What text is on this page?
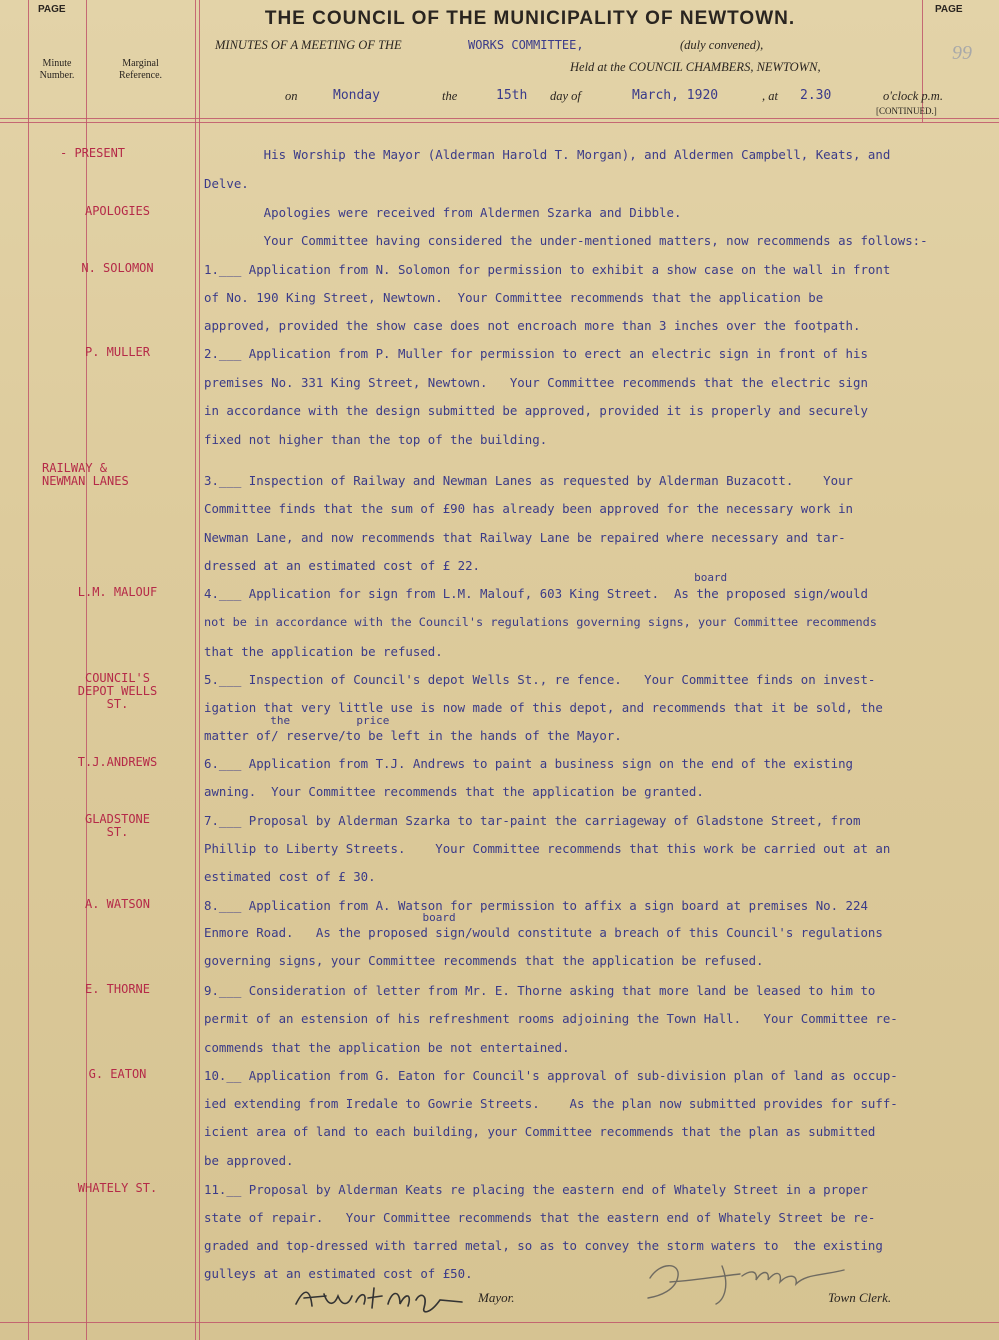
PAGE	PAGE
99
THE COUNCIL OF THE MUNICIPALITY OF NEWTOWN.
Minute
Number.
Marginal
Reference.
MINUTES OF A MEETING OF THE	WORKS COMMITTEE,	(duly convened),
Held at the COUNCIL CHAMBERS, NEWTOWN,
on	Monday	the	15th day of	March, 1920	, at 2.30	o'clock p.m.
[CONTINUED.]
- PRESENT
APOLOGIES
N. SOLOMON
P. MULLER
RAILWAY &
NEWMAN LANES
L.M. MALOUF
COUNCIL'S
DEPOT WELLS
ST.
T.J.ANDREWS
GLADSTONE
ST.
A. WATSON
E. THORNE
G. EATON
WHATELY ST.
His Worship the Mayor (Alderman Harold T. Morgan), and Aldermen Campbell, Keats, and
Delve.
Apologies were received from Aldermen Szarka and Dibble.
Your Committee having considered the under-mentioned matters, now recommends as follows:-
1.___ Application from N. Solomon for permission to exhibit a show case on the wall in front
of No. 190 King Street, Newtown.  Your Committee recommends that the application be
approved, provided the show case does not encroach more than 3 inches over the footpath.
2.___ Application from P. Muller for permission to erect an electric sign in front of his
premises No. 331 King Street, Newtown.   Your Committee recommends that the electric sign
in accordance with the design submitted be approved, provided it is properly and securely
fixed not higher than the top of the building.
3.___ Inspection of Railway and Newman Lanes as requested by Alderman Buzacott.    Your
Committee finds that the sum of £90 has already been approved for the necessary work in
Newman Lane, and now recommends that Railway Lane be repaired where necessary and tar-
dressed at an estimated cost of £ 22.
board
4.___ Application for sign from L.M. Malouf, 603 King Street.  As the proposed sign/would
not be in accordance with the Council's regulations governing signs, your Committee recommends
that the application be refused.
5.___ Inspection of Council's depot Wells St., re fence.   Your Committee finds on invest-
igation that very little use is now made of this depot, and recommends that it be sold, the
the          price
matter of/ reserve/to be left in the hands of the Mayor.
6.___ Application from T.J. Andrews to paint a business sign on the end of the existing
awning.  Your Committee recommends that the application be granted.
7.___ Proposal by Alderman Szarka to tar-paint the carriageway of Gladstone Street, from
Phillip to Liberty Streets.    Your Committee recommends that this work be carried out at an
estimated cost of £ 30.
8.___ Application from A. Watson for permission to affix a sign board at premises No. 224
board
Enmore Road.   As the proposed sign/would constitute a breach of this Council's regulations
governing signs, your Committee recommends that the application be refused.
9.___ Consideration of letter from Mr. E. Thorne asking that more land be leased to him to
permit of an estension of his refreshment rooms adjoining the Town Hall.   Your Committee re-
commends that the application be not entertained.
10.__ Application from G. Eaton for Council's approval of sub-division plan of land as occup-
ied extending from Iredale to Gowrie Streets.    As the plan now submitted provides for suff-
icient area of land to each building, your Committee recommends that the plan as submitted
be approved.
11.__ Proposal by Alderman Keats re placing the eastern end of Whately Street in a proper
state of repair.   Your Committee recommends that the eastern end of Whately Street be re-
graded and top-dressed with tarred metal, so as to convey the storm waters to  the existing
gulleys at an estimated cost of £50.
Mayor.	Town Clerk.
